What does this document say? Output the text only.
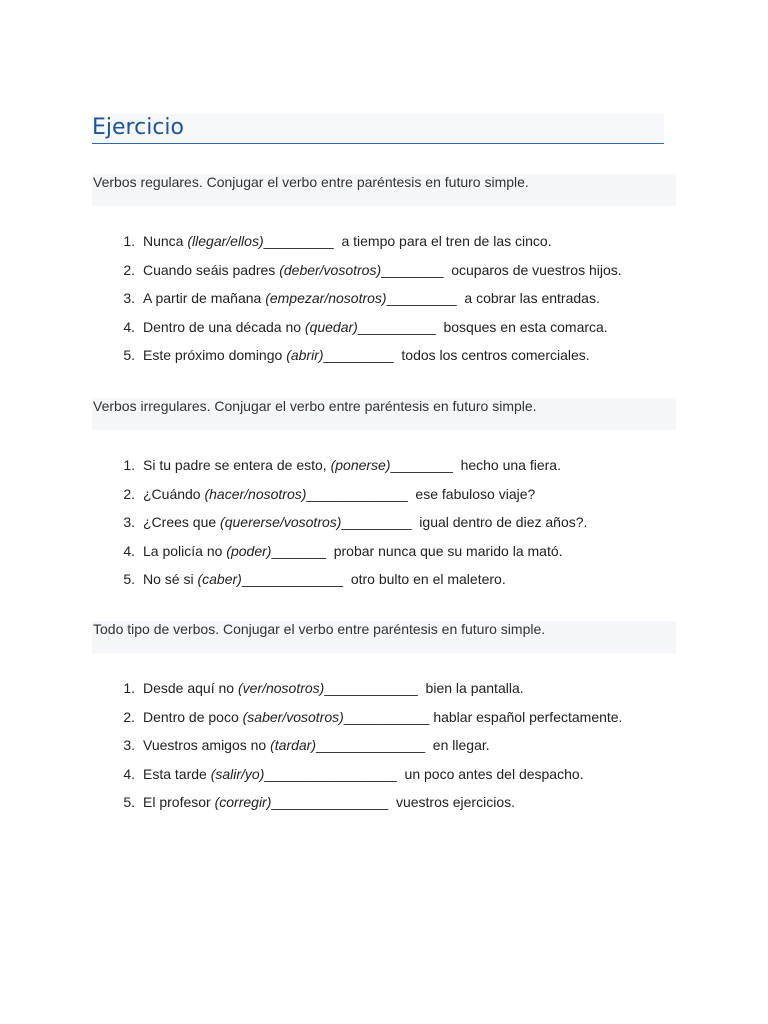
Ejercicio
Verbos regulares. Conjugar el verbo entre paréntesis en futuro simple.
1. Nunca (llegar/ellos)_________  a tiempo para el tren de las cinco.
2. Cuando seáis padres (deber/vosotros)________  ocuparos de vuestros hijos.
3. A partir de mañana (empezar/nosotros)_________  a cobrar las entradas.
4. Dentro de una década no (quedar)__________  bosques en esta comarca.
5. Este próximo domingo (abrir)_________  todos los centros comerciales.
Verbos irregulares. Conjugar el verbo entre paréntesis en futuro simple.
1. Si tu padre se entera de esto, (ponerse)________  hecho una fiera.
2. ¿Cuándo (hacer/nosotros)_____________  ese fabuloso viaje?
3. ¿Crees que (quererse/vosotros)_________  igual dentro de diez años?.
4. La policía no (poder)_______  probar nunca que su marido la mató.
5. No sé si (caber)_____________  otro bulto en el maletero.
Todo tipo de verbos. Conjugar el verbo entre paréntesis en futuro simple.
1. Desde aquí no (ver/nosotros)____________  bien la pantalla.
2. Dentro de poco (saber/vosotros)___________ hablar español perfectamente.
3. Vuestros amigos no (tardar)______________  en llegar.
4. Esta tarde (salir/yo)_________________  un poco antes del despacho.
5. El profesor (corregir)_______________  vuestros ejercicios.
